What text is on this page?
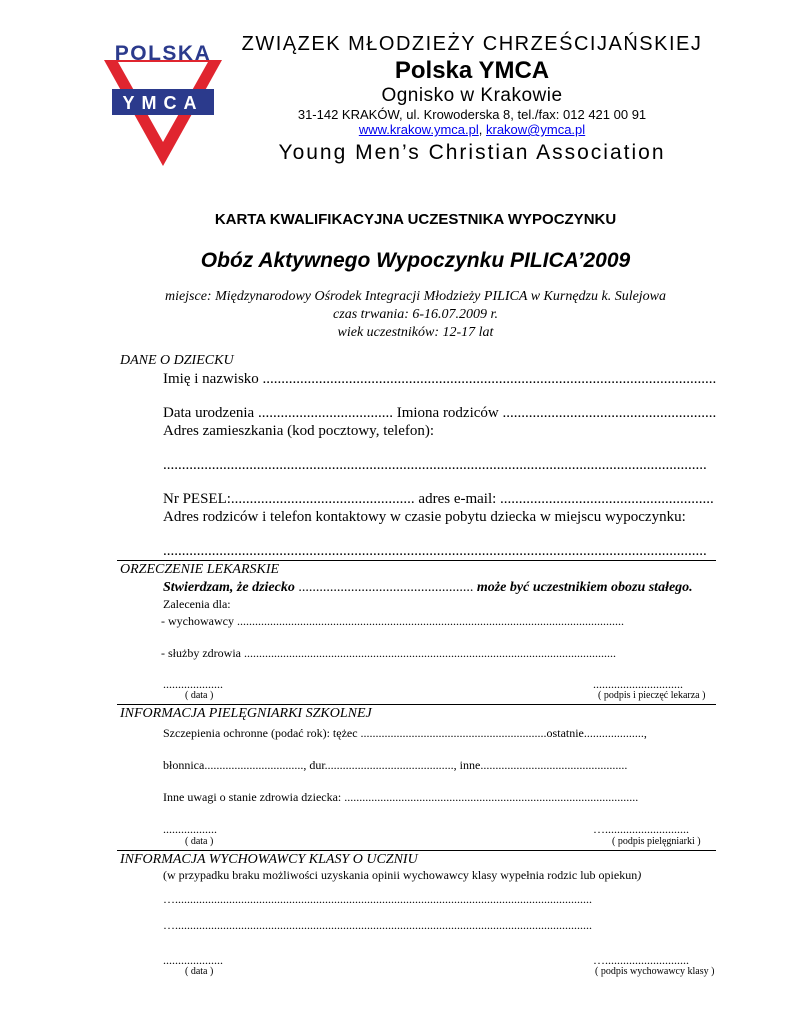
POLSKA
YMCA
ZWIĄZEK MŁODZIEŻY CHRZEŚCIJAŃSKIEJ
Polska YMCA
Ognisko w Krakowie
31-142 KRAKÓW, ul. Krowoderska 8, tel./fax: 012 421 00 91
www.krakow.ymca.pl, krakow@ymca.pl
Young Men’s Christian Association
KARTA KWALIFIKACYJNA UCZESTNIKA WYPOCZYNKU
Obóz Aktywnego Wypoczynku PILICA’2009
miejsce: Międzynarodowy Ośrodek Integracji Młodzieży PILICA w Kurnędzu k. Sulejowa
czas trwania: 6-16.07.2009 r.
wiek uczestników: 12-17 lat
DANE O DZIECKU
Imię i nazwisko .........................................................................................................................
Data urodzenia .................................... Imiona rodziców .........................................................
Adres zamieszkania (kod pocztowy, telefon):
.................................................................................................................................................
Nr PESEL:................................................. adres e-mail: .........................................................
Adres rodziców i telefon kontaktowy w czasie pobytu dziecka w miejscu wypoczynku:
.................................................................................................................................................
ORZECZENIE LEKARSKIE
Stwierdzam, że dziecko .................................................. może być uczestnikiem obozu stałego.
Zalecenia dla:
- wychowawcy .................................................................................................................................
- służby zdrowia ............................................................................................................................
....................
( data )
..............................
( podpis i pieczęć lekarza )
INFORMACJA PIELĘGNIARKI SZKOLNEJ
Szczepienia ochronne (podać rok): tężec ..............................................................ostatnie....................,
błonnica................................., dur..........................................., inne.................................................
Inne uwagi o stanie zdrowia dziecka: ..................................................................................................
..................
( data )
…............................
( podpis pielęgniarki )
INFORMACJA WYCHOWAWCY KLASY O UCZNIU
(w przypadku braku możliwości uzyskania opinii wychowawcy klasy wypełnia rodzic lub opiekun)
…...........................................................................................................................................
…...........................................................................................................................................
....................
( data )
…............................
( podpis wychowawcy klasy )
